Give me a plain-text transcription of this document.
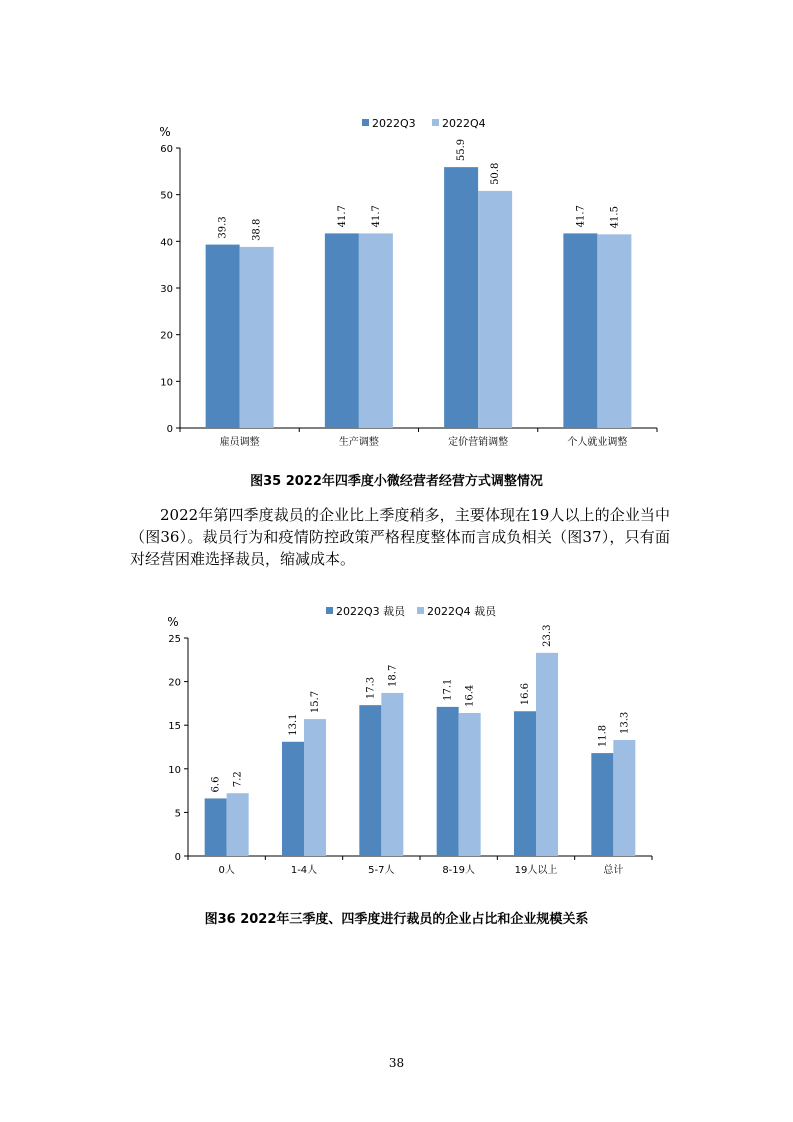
%
2022Q3 2022Q4
0
10
20
30
40
50
60
雇员调整
39.3 38.8
生产调整
41.7 41.7
定价营销调整
55.9
50.8
个人就业调整
41.7 41.5
图35 2022年四季度小微经营者经营方式调整情况
2022年第四季度裁员的企业比上季度稍多，主要体现在19人以上的企业当中（图36）。裁员行为和疫情防控政策严格程度整体而言成负相关（图37），只有面对经营困难选择裁员，缩减成本。
%
2022Q3 裁员 2022Q4 裁员
0
5
10
15
20
25
0人
6.6 7.2
1-4人
13.1
15.7
5-7人
17.3
18.7
8-19人
17.1 16.4
19人以上
16.6
23.3
总计
11.8
13.3
图36 2022年三季度、四季度进行裁员的企业占比和企业规模关系
38
